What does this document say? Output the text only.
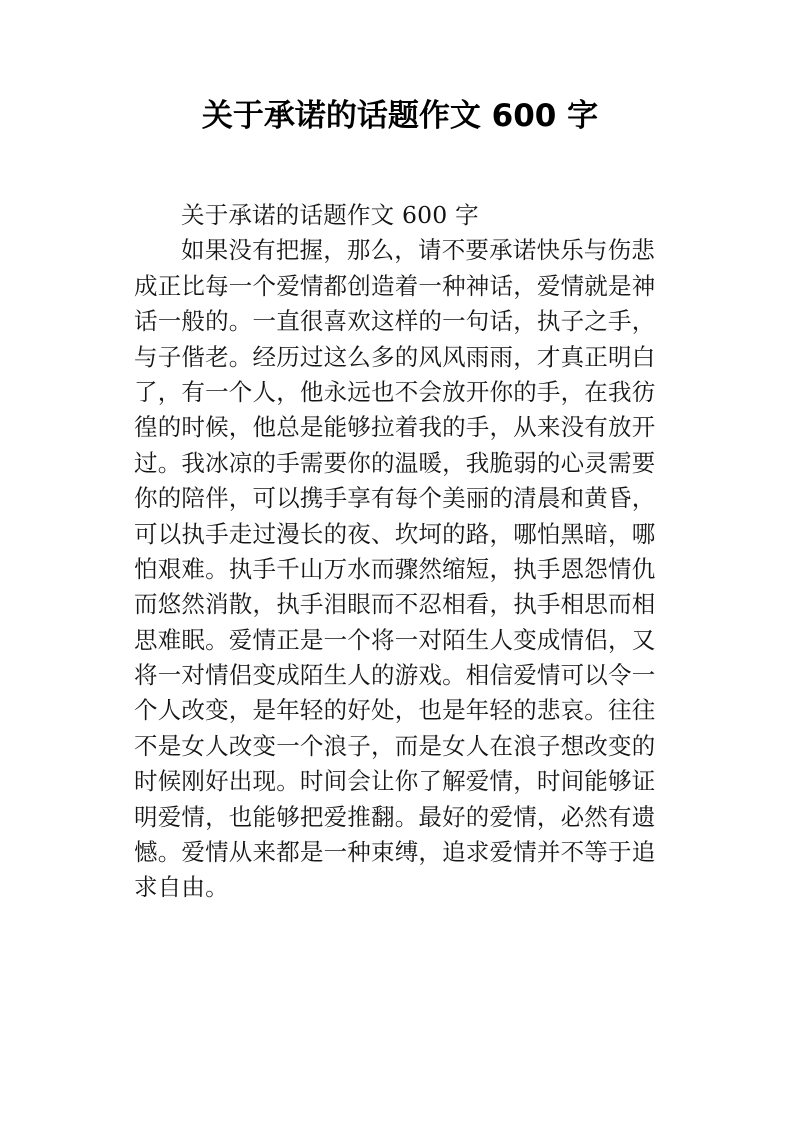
关于承诺的话题作文 600 字
关于承诺的话题作文 600 字
如果没有把握，那么，请不要承诺快乐与伤悲
成正比每一个爱情都创造着一种神话，爱情就是神
话一般的。一直很喜欢这样的一句话，执子之手，
与子偕老。经历过这么多的风风雨雨，才真正明白
了，有一个人，他永远也不会放开你的手，在我彷
徨的时候，他总是能够拉着我的手，从来没有放开
过。我冰凉的手需要你的温暖，我脆弱的心灵需要
你的陪伴，可以携手享有每个美丽的清晨和黄昏，
可以执手走过漫长的夜、坎坷的路，哪怕黑暗，哪
怕艰难。执手千山万水而骤然缩短，执手恩怨情仇
而悠然消散，执手泪眼而不忍相看，执手相思而相
思难眠。爱情正是一个将一对陌生人变成情侣，又
将一对情侣变成陌生人的游戏。相信爱情可以令一
个人改变，是年轻的好处，也是年轻的悲哀。往往
不是女人改变一个浪子，而是女人在浪子想改变的
时候刚好出现。时间会让你了解爱情，时间能够证
明爱情，也能够把爱推翻。最好的爱情，必然有遗
憾。爱情从来都是一种束缚，追求爱情并不等于追
求自由。
